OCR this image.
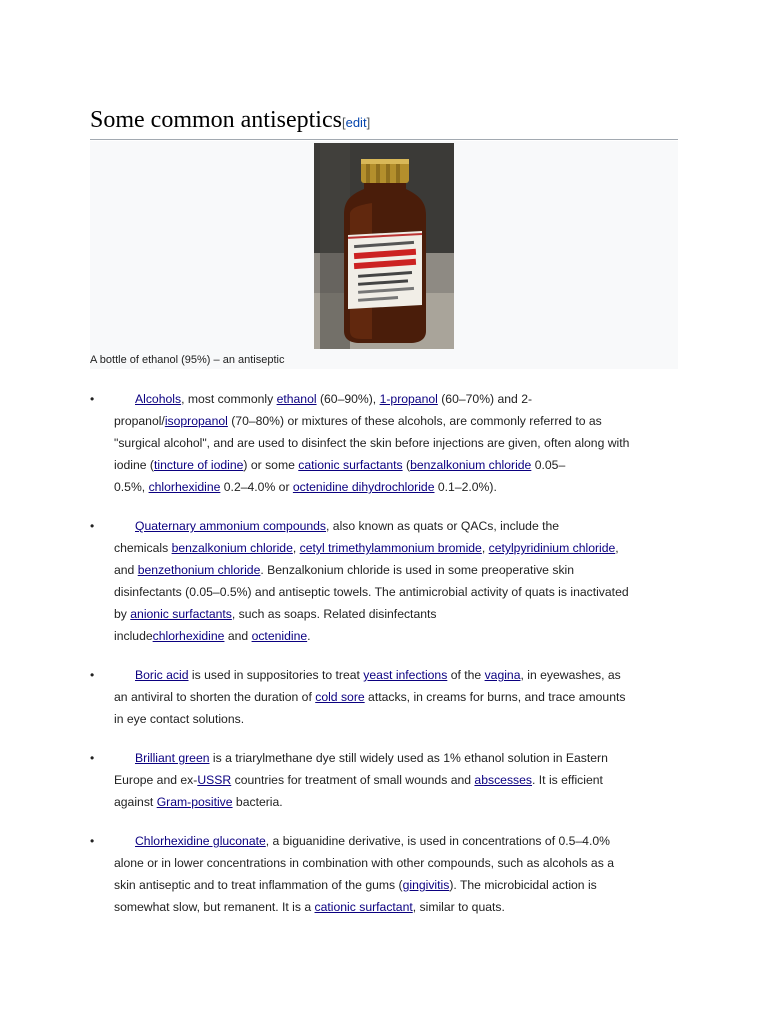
Some common antiseptics[edit]
A bottle of ethanol (95%) – an antiseptic
•	Alcohols, most commonly ethanol (60–90%), 1-propanol (60–70%) and 2-
propanol/isopropanol (70–80%) or mixtures of these alcohols, are commonly referred to as
"surgical alcohol", and are used to disinfect the skin before injections are given, often along with
iodine (tincture of iodine) or some cationic surfactants (benzalkonium chloride 0.05–
0.5%, chlorhexidine 0.2–4.0% or octenidine dihydrochloride 0.1–2.0%).
•	Quaternary ammonium compounds, also known as quats or QACs, include the
chemicals benzalkonium chloride, cetyl trimethylammonium bromide, cetylpyridinium chloride,
and benzethonium chloride. Benzalkonium chloride is used in some preoperative skin
disinfectants (0.05–0.5%) and antiseptic towels. The antimicrobial activity of quats is inactivated
by anionic surfactants, such as soaps. Related disinfectants
includechlorhexidine and octenidine.
•	Boric acid is used in suppositories to treat yeast infections of the vagina, in eyewashes, as
an antiviral to shorten the duration of cold sore attacks, in creams for burns, and trace amounts
in eye contact solutions.
•	Brilliant green is a triarylmethane dye still widely used as 1% ethanol solution in Eastern
Europe and ex-USSR countries for treatment of small wounds and abscesses. It is efficient
against Gram-positive bacteria.
•	Chlorhexidine gluconate, a biguanidine derivative, is used in concentrations of 0.5–4.0%
alone or in lower concentrations in combination with other compounds, such as alcohols as a
skin antiseptic and to treat inflammation of the gums (gingivitis). The microbicidal action is
somewhat slow, but remanent. It is a cationic surfactant, similar to quats.
